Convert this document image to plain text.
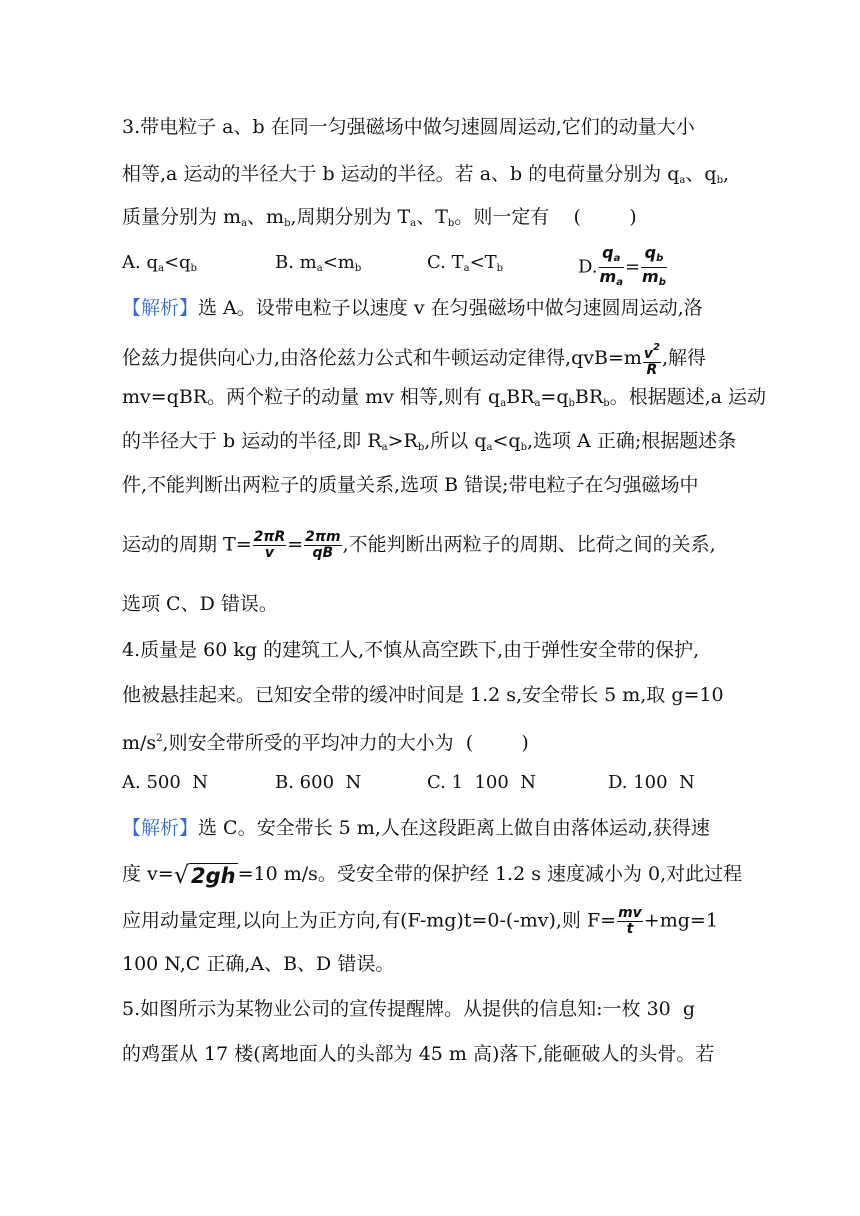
3.带电粒子 a、b 在同一匀强磁场中做匀速圆周运动,它们的动量大小
相等,a 运动的半径大于 b 运动的半径。若 a、b 的电荷量分别为 $q_a$、$q_b$,
质量分别为 $m_a$、$m_b$,周期分别为 $T_a$、$T_b$。则一定有 (        )
A. $q_a<q_b$	B. $m_a<m_b$	C. $T_a<T_b$	D. $\frac{q_a}{m_a} = \frac{q_b}{m_b}$
【解析】选 A。设带电粒子以速度 v 在匀强磁场中做匀速圆周运动,洛
伦兹力提供向心力,由洛伦兹力公式和牛顿运动定律得$,qvB=m \frac{v^2}{R}$ ,解得
mv=qBR。两个粒子的动量 mv 相等,则有 $q_aBR_a=q_bBR_b$。根据题述,a 运动
的半径大于 b 运动的半径,即 $R_a>R_b$,所以 $q_a<q_b$,选项 A 正确;根据题述条
件,不能判断出两粒子的质量关系,选项 B 错误;带电粒子在匀强磁场中
运动的周期 $T= \frac{2\pi R}{v} = \frac{2\pi m}{qB}$ ,不能判断出两粒子的周期、比荷之间的关系,
选项 C、D 错误。
4.质量是 60 kg 的建筑工人,不慎从高空跌下,由于弹性安全带的保护,
他被悬挂起来。已知安全带的缓冲时间是 1.2 s,安全带长 5 m,取 g=10
$m/s^2$,则安全带所受的平均冲力的大小为 (        )
A. 500  N	B. 600  N	C. 1  100  N	D. 100  N
【解析】选 C。安全带长 5 m,人在这段距离上做自由落体运动,获得速
度 v=√2gh =10 m/s。受安全带的保护经 1.2 s 速度减小为 0,对此过程
应用动量定理,以向上为正方向,有(F-mg)t=0-(-mv),则 $F= \frac{mv}{t} +mg=1$
100 N,C 正确,A、B、D 错误。
5.如图所示为某物业公司的宣传提醒牌。从提供的信息知:一枚 30  g
的鸡蛋从 17 楼(离地面人的头部为 45 m 高)落下,能砸破人的头骨。若
